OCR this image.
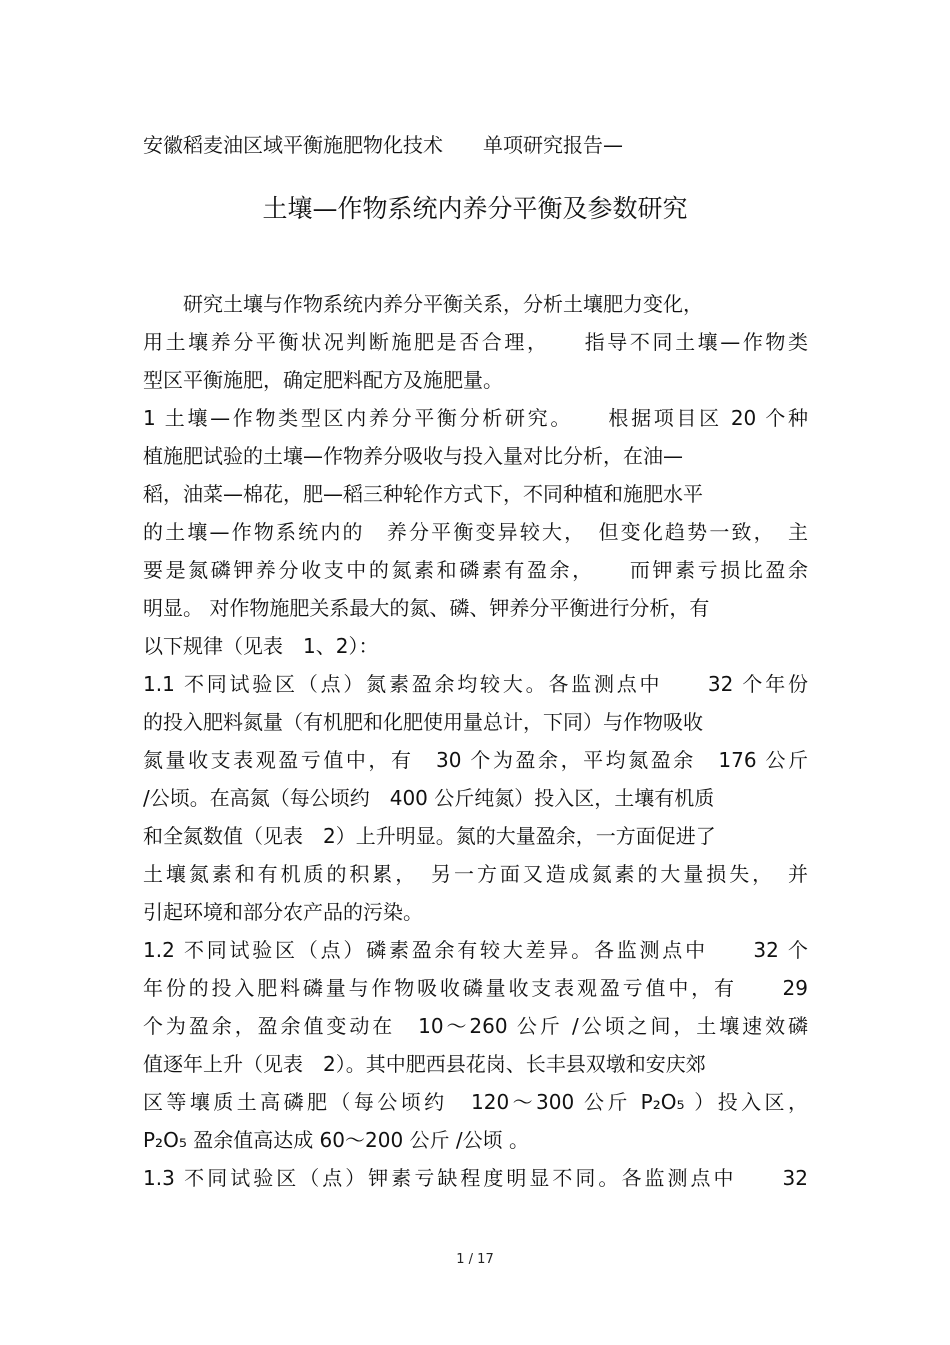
安徽稻麦油区域平衡施肥物化技术 单项研究报告—
土壤—作物系统内养分平衡及参数研究
研究土壤与作物系统内养分平衡关系，分析土壤肥力变化，
用土壤养分平衡状况判断施肥是否合理，　　指导不同土壤—作物类
型区平衡施肥，确定肥料配方及施肥量。
1 土壤—作物类型区内养分平衡分析研究。　　根据项目区 20 个种
植施肥试验的土壤—作物养分吸收与投入量对比分析，在油—
稻，油菜—棉花，肥—稻三种轮作方式下，不同种植和施肥水平
的土壤—作物系统内的　养分平衡变异较大，　但变化趋势一致，　主
要是氮磷钾养分收支中的氮素和磷素有盈余，　　而钾素亏损比盈余
明显。 对作物施肥关系最大的氮、磷、钾养分平衡进行分析，有
以下规律（见表　1、2）：
1.1 不同试验区（点）氮素盈余均较大。各监测点中　　32 个年份
的投入肥料氮量（有机肥和化肥使用量总计，下同）与作物吸收
氮量收支表观盈亏值中，有　30 个为盈余，平均氮盈余　176 公斤
/公顷。在高氮（每公顷约　400 公斤纯氮）投入区，土壤有机质
和全氮数值（见表　2）上升明显。氮的大量盈余，一方面促进了
土壤氮素和有机质的积累，　另一方面又造成氮素的大量损失，　并
引起环境和部分农产品的污染。
1.2 不同试验区（点）磷素盈余有较大差异。各监测点中　　32 个
年份的投入肥料磷量与作物吸收磷量收支表观盈亏值中，有　　29
个为盈余，盈余值变动在　10～260 公斤 /公顷之间，土壤速效磷
值逐年上升（见表　2）。其中肥西县花岗、长丰县双墩和安庆郊
区等壤质土高磷肥（每公顷约　120～300 公斤 P₂O₅ ）投入区，
P₂O₅ 盈余值高达成 60～200 公斤 /公顷 。
1.3 不同试验区（点）钾素亏缺程度明显不同。各监测点中　　32
1 / 17
